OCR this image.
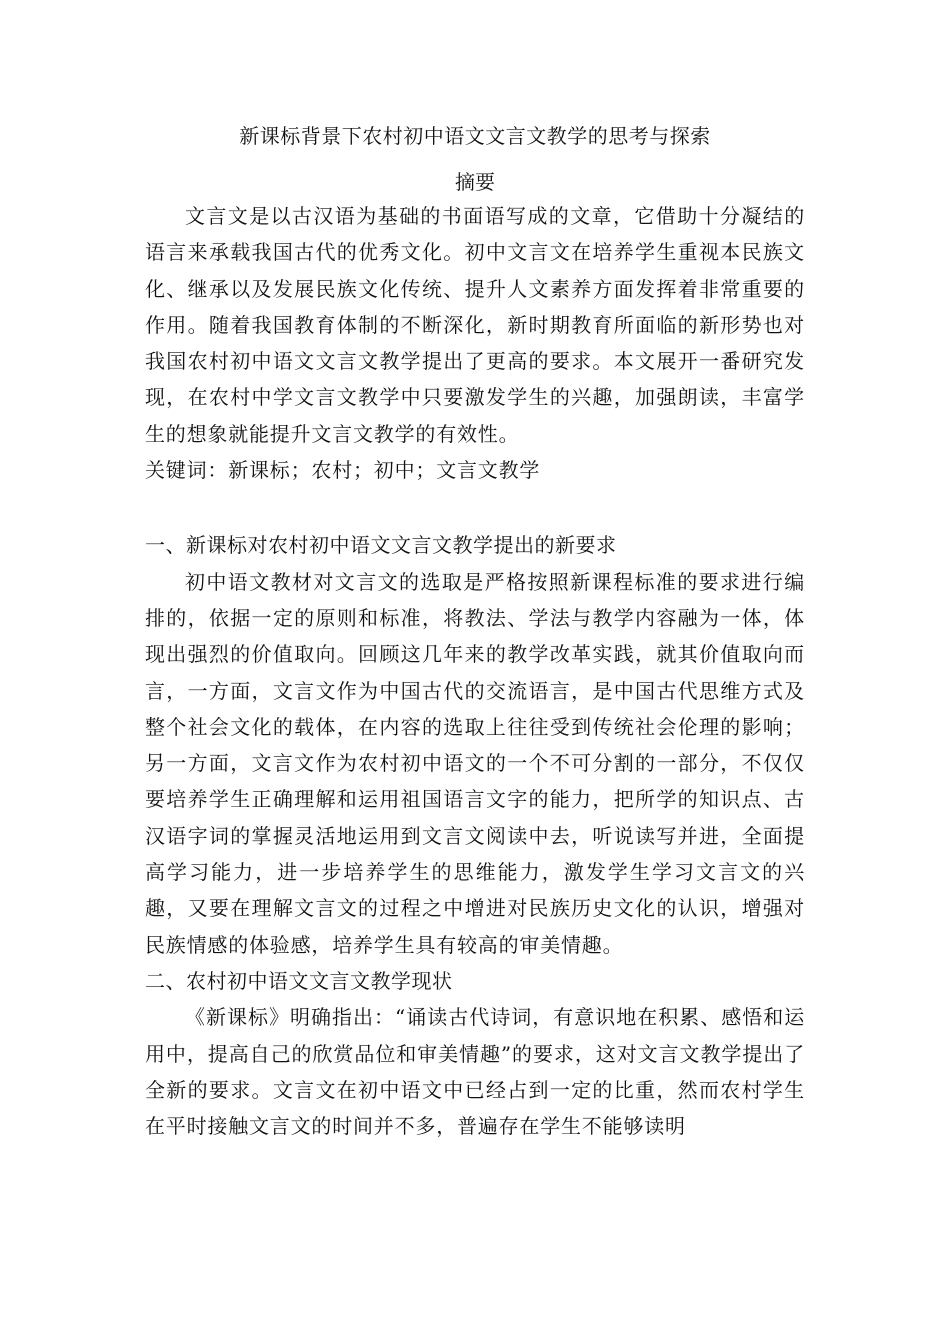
新课标背景下农村初中语文文言文教学的思考与探索
摘要

文言文是以古汉语为基础的书面语写成的文章，它借助十分凝结的语言来承载我国古代的优秀文化。初中文言文在培养学生重视本民族文化、继承以及发展民族文化传统、提升人文素养方面发挥着非常重要的作用。随着我国教育体制的不断深化，新时期教育所面临的新形势也对我国农村初中语文文言文教学提出了更高的要求。本文展开一番研究发现，在农村中学文言文教学中只要激发学生的兴趣，加强朗读，丰富学生的想象就能提升文言文教学的有效性。

关键词：新课标；农村；初中；文言文教学

一、新课标对农村初中语文文言文教学提出的新要求

初中语文教材对文言文的选取是严格按照新课程标准的要求进行编排的，依据一定的原则和标准，将教法、学法与教学内容融为一体，体现出强烈的价值取向。回顾这几年来的教学改革实践，就其价值取向而言，一方面，文言文作为中国古代的交流语言，是中国古代思维方式及整个社会文化的载体，在内容的选取上往往受到传统社会伦理的影响；另一方面，文言文作为农村初中语文的一个不可分割的一部分，不仅仅要培养学生正确理解和运用祖国语言文字的能力，把所学的知识点、古汉语字词的掌握灵活地运用到文言文阅读中去，听说读写并进，全面提高学习能力，进一步培养学生的思维能力，激发学生学习文言文的兴趣，又要在理解文言文的过程之中增进对民族历史文化的认识，增强对民族情感的体验感，培养学生具有较高的审美情趣。

二、农村初中语文文言文教学现状

《新课标》明确指出：“诵读古代诗词，有意识地在积累、感悟和运用中，提高自己的欣赏品位和审美情趣”的要求，这对文言文教学提出了全新的要求。文言文在初中语文中已经占到一定的比重，然而农村学生在平时接触文言文的时间并不多，普遍存在学生不能够读明
